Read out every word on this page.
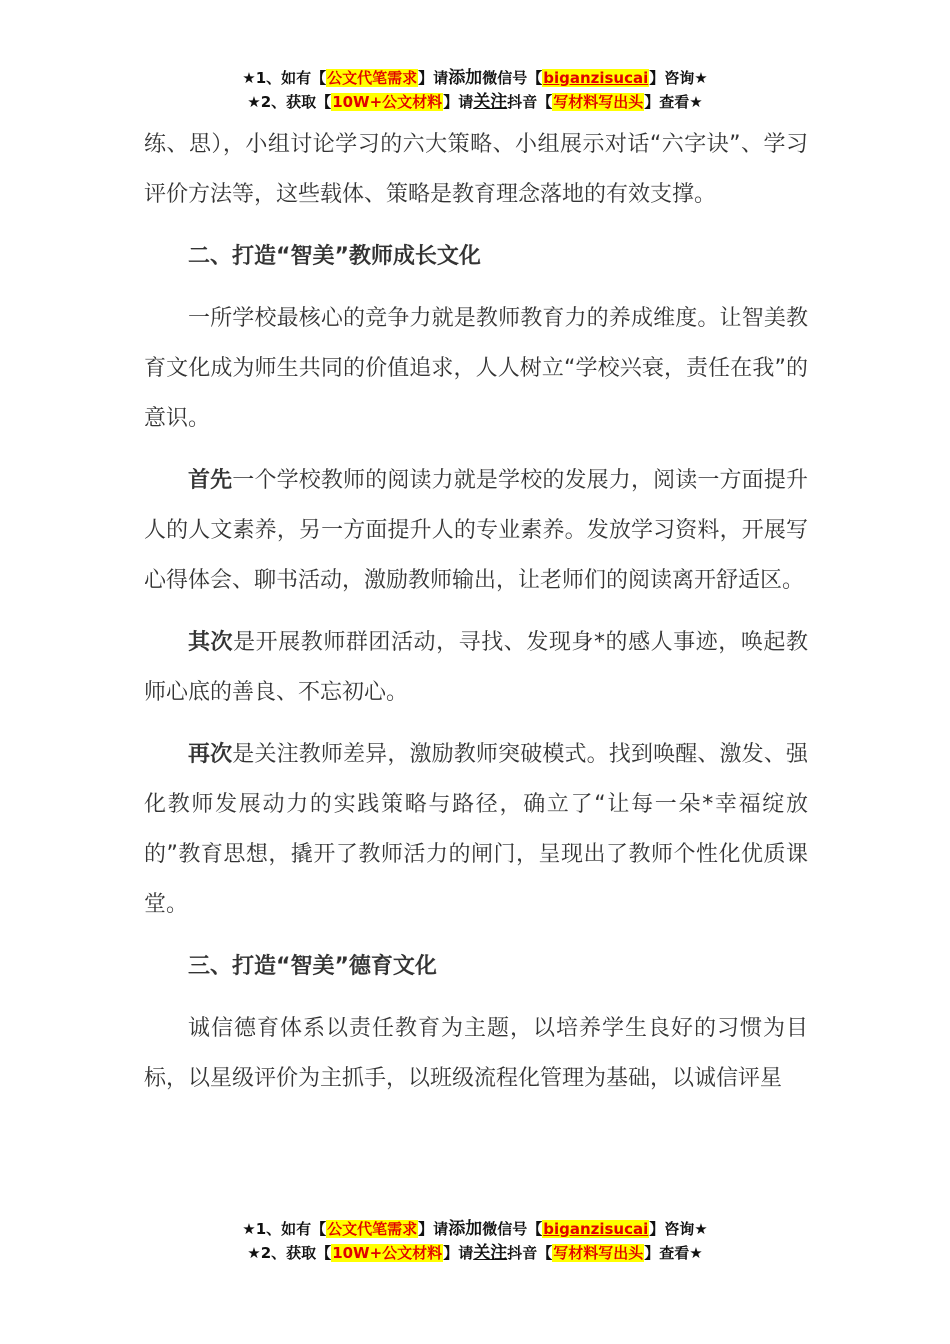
★1、如有【公文代笔需求】请添加微信号【biganzisucai】咨询★
★2、获取【10W+公文材料】请关注抖音【写材料写出头】查看★

练、思），小组讨论学习的六大策略、小组展示对话“六字诀”、学习评价方法等，这些载体、策略是教育理念落地的有效支撑。

二、打造“智美”教师成长文化

一所学校最核心的竞争力就是教师教育力的养成维度。让智美教育文化成为师生共同的价值追求，人人树立“学校兴衰，责任在我”的意识。

首先一个学校教师的阅读力就是学校的发展力，阅读一方面提升人的人文素养，另一方面提升人的专业素养。发放学习资料，开展写心得体会、聊书活动，激励教师输出，让老师们的阅读离开舒适区。

其次是开展教师群团活动，寻找、发现身*的感人事迹，唤起教师心底的善良、不忘初心。

再次是关注教师差异，激励教师突破模式。找到唤醒、激发、强化教师发展动力的实践策略与路径，确立了“让每一朵*幸福绽放的”教育思想，撬开了教师活力的闸门，呈现出了教师个性化优质课堂。

三、打造“智美”德育文化

诚信德育体系以责任教育为主题，以培养学生良好的习惯为目标，以星级评价为主抓手，以班级流程化管理为基础，以诚信评星

★1、如有【公文代笔需求】请添加微信号【biganzisucai】咨询★
★2、获取【10W+公文材料】请关注抖音【写材料写出头】查看★
